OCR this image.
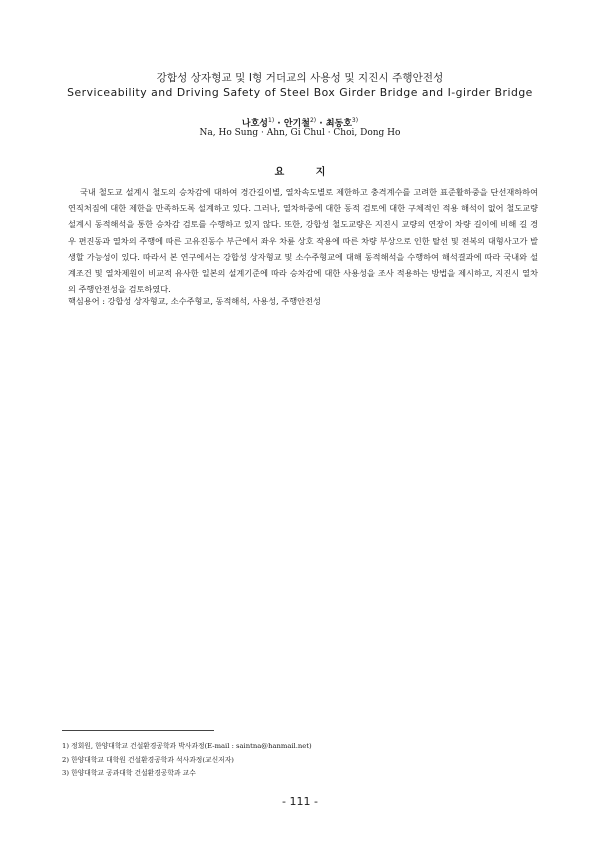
강합성 상자형교 및 I형 거더교의 사용성 및 지진시 주행안전성
Serviceability and Driving Safety of Steel Box Girder Bridge and I-girder Bridge
나호성$^{1)}$ · 안기철$^{2)}$ · 최동호$^{3)}$
Na, Ho Sung · Ahn, Gi Chul · Choi, Dong Ho
요 지
국내 철도교 설계시 철도의 승차감에 대하여 경간길이별, 열차속도별로 제한하고 충격계수를 고려한 표준활하중을 단선재하하여 연직처짐에 대한 제한을 만족하도록 설계하고 있다. 그러나, 열차하중에 대한 동적 검토에 대한 구체적인 적용 해석이 없어 철도교량 설계시 동적해석을 통한 승차감 검토를 수행하고 있지 않다. 또한, 강합성 철도교량은 지진시 교량의 연장이 차량 길이에 비해 길 경우 편진동과 열차의 주행에 따른 고유진동수 부근에서 좌우 차륜 상호 작용에 따른 차량 부상으로 인한 탈선 및 전복의 대형사고가 발생할 가능성이 있다. 따라서 본 연구에서는 강합성 상자형교 및 소수주형교에 대해 동적해석을 수행하여 해석결과에 따라 국내와 설계조건 및 열차제원이 비교적 유사한 일본의 설계기준에 따라 승차감에 대한 사용성을 조사 적용하는 방법을 제시하고, 지진시 열차의 주행안전성을 검토하였다.
핵심용어 : 강합성 상자형교, 소수주형교, 동적해석, 사용성, 주행안전성
1) 정회원, 한양대학교 건설환경공학과 박사과정(E-mail : saintna@hanmail.net)
2) 한양대학교 대학원 건설환경공학과 석사과정(교신저자)
3) 한양대학교 공과대학 건설환경공학과 교수
- 111 -
